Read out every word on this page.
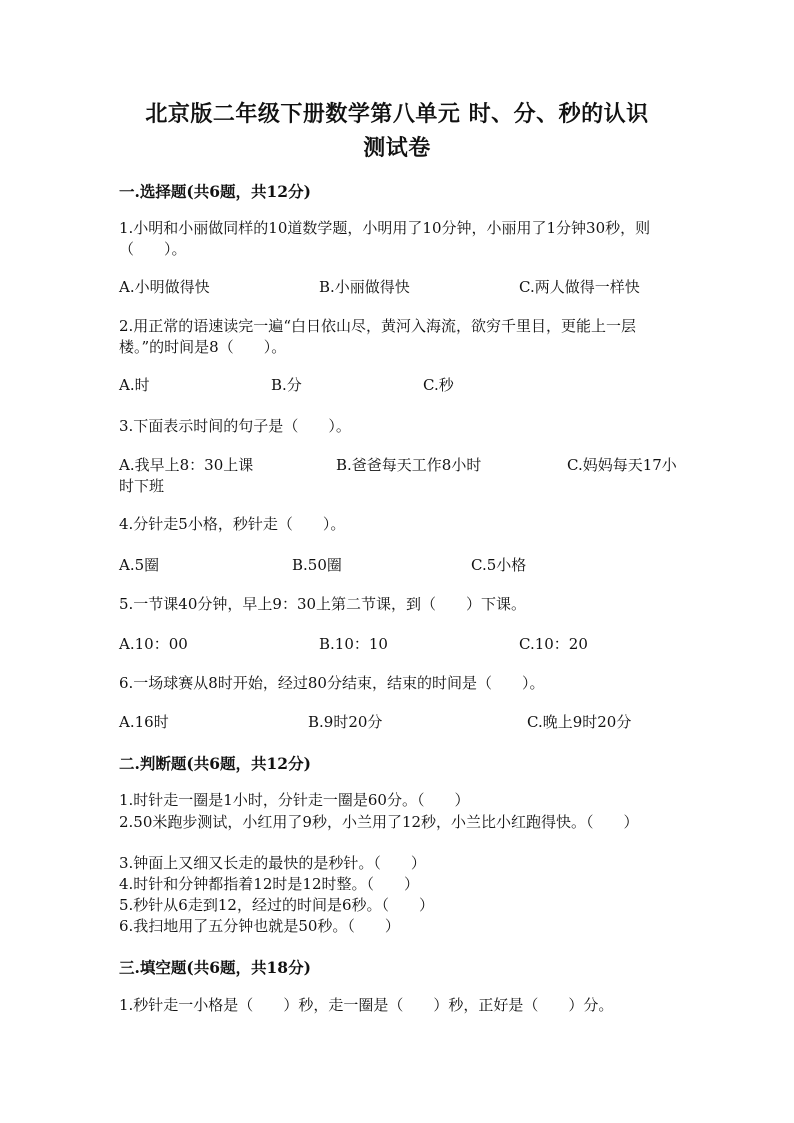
北京版二年级下册数学第八单元 时、分、秒的认识
测试卷
一.选择题(共6题，共12分)
1.小明和小丽做同样的10道数学题，小明用了10分钟，小丽用了1分钟30秒，则（　　）。
A.小明做得快	B.小丽做得快	C.两人做得一样快
2.用正常的语速读完一遍“白日依山尽，黄河入海流，欲穷千里目，更能上一层楼。”的时间是8（　　）。
A.时	B.分	C.秒
3.下面表示时间的句子是（　　）。
A.我早上8：30上课	B.爸爸每天工作8小时	C.妈妈每天17小时下班
4.分针走5小格，秒针走（　　）。
A.5圈	B.50圈	C.5小格
5.一节课40分钟，早上9：30上第二节课，到（　　）下课。
A.10：00	B.10：10	C.10：20
6.一场球赛从8时开始，经过80分结束，结束的时间是（　　）。
A.16时	B.9时20分	C.晚上9时20分
二.判断题(共6题，共12分)
1.时针走一圈是1小时，分针走一圈是60分。（　　）
2.50米跑步测试，小红用了9秒，小兰用了12秒，小兰比小红跑得快。（　　）
3.钟面上又细又长走的最快的是秒针。（　　）
4.时针和分钟都指着12时是12时整。（　　）
5.秒针从6走到12，经过的时间是6秒。（　　）
6.我扫地用了五分钟也就是50秒。（　　）
三.填空题(共6题，共18分)
1.秒针走一小格是（　　）秒，走一圈是（　　）秒，正好是（　　）分。
